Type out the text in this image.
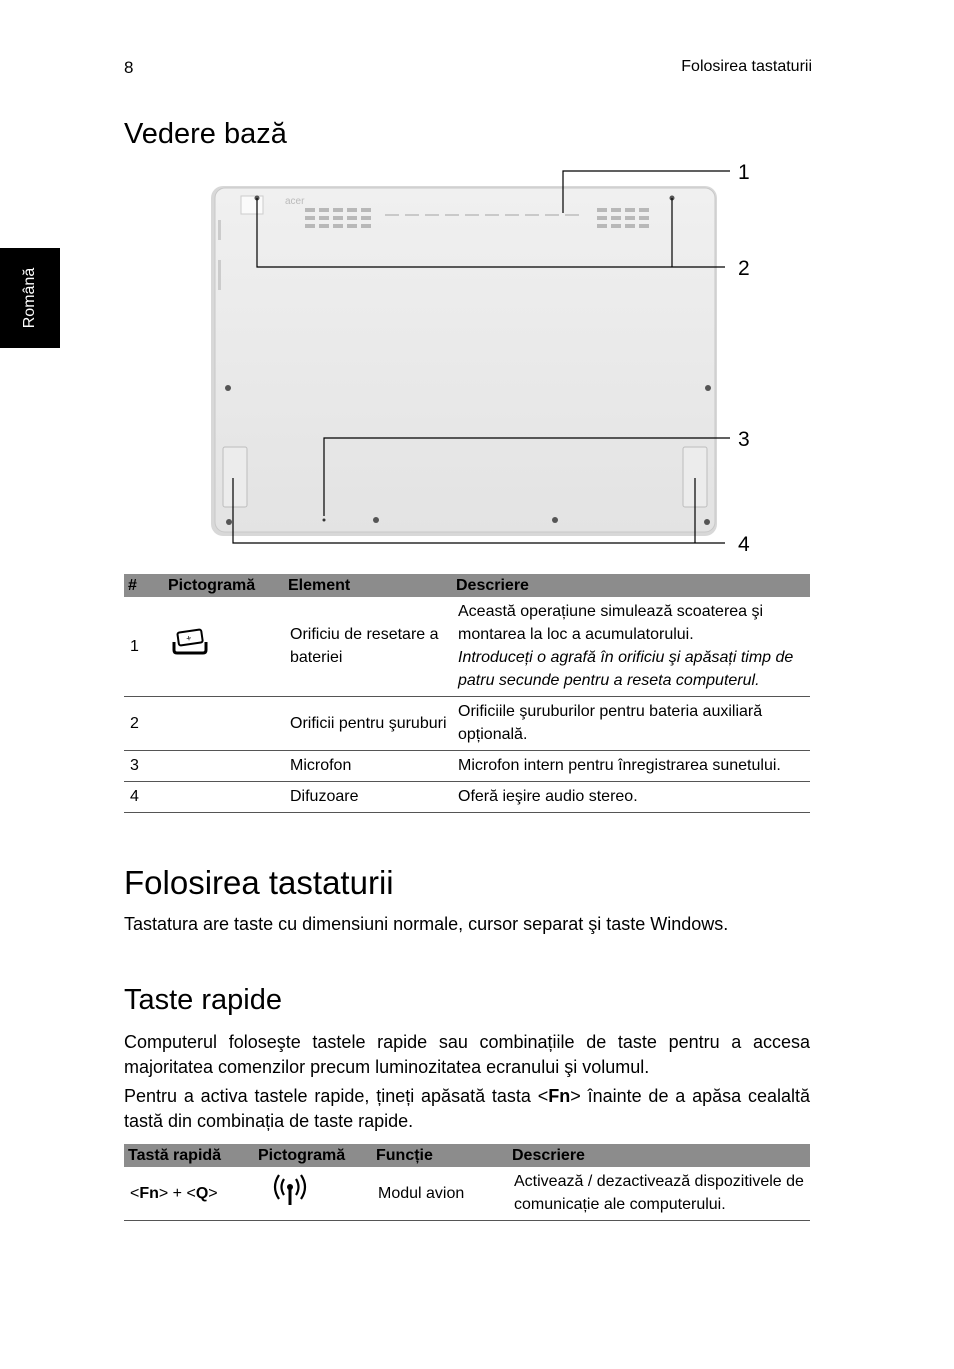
8	Folosirea tastaturii
Română
Vedere bază
acer
1
2
3
4
#	Pictogramă	Element	Descriere
1	+	Orificiu de resetare a bateriei	Această operațiune simulează scoaterea şi montarea la loc a acumulatorului.
Introduceți o agrafă în orificiu şi apăsați timp de patru secunde pentru a reseta computerul.

2		Orificii pentru şuruburi	Orificiile şuruburilor pentru bateria auxiliară opțională.
3		Microfon	Microfon intern pentru înregistrarea sunetului.
4		Difuzoare	Oferă ieşire audio stereo.
Folosirea tastaturii

Tastatura are taste cu dimensiuni normale, cursor separat şi taste Windows.

Taste rapide

Computerul foloseşte tastele rapide sau combinațiile de taste pentru a accesa majoritatea comenzilor precum luminozitatea ecranului şi volumul.

Pentru a activa tastele rapide, țineți apăsată tasta <Fn> înainte de a apăsa cealaltă tastă din combinația de taste rapide.

Tastă rapidă	Pictogramă	Funcție	Descriere
<Fn> + <Q>		Modul avion	Activează / dezactivează dispozitivele de comunicație ale computerului.
